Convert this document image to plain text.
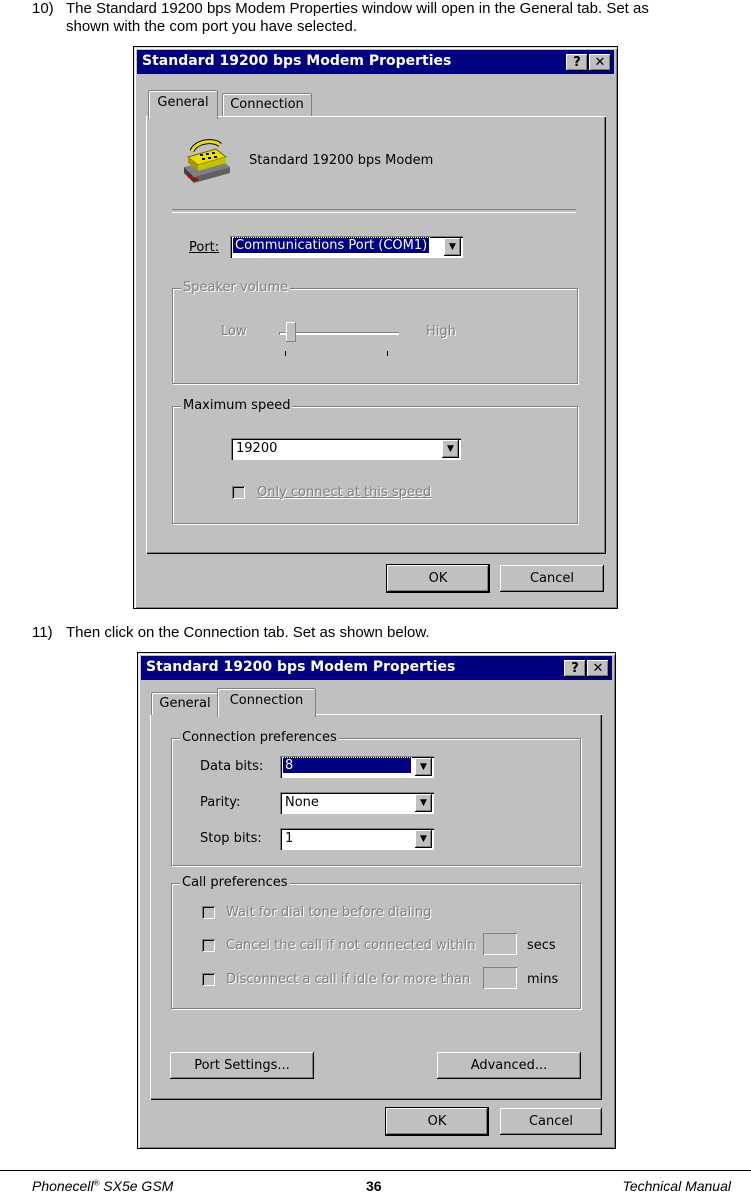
10) The Standard 19200 bps Modem Properties window will open in the General tab. Set as
shown with the com port you have selected.
Standard 19200 bps Modem Properties	?	✕
General	Connection
Standard 19200 bps Modem
Port: Communications Port (COM1)	▼
Speaker volume
Low	High
Maximum speed
19200	▼
Only connect at this speed
OK	Cancel
11) Then click on the Connection tab. Set as shown below.
Standard 19200 bps Modem Properties	?	✕
General	Connection
Connection preferences
Data bits: 8	▼
Parity:	None	▼
Stop bits: 1	▼
Call preferences
Wait for dial tone before dialing
Cancel the call if not connected within	secs
Disconnect a call if idle for more than	mins
Port Settings...	Advanced...
OK	Cancel
Phonecell® SX5e GSM	36	Technical Manual
